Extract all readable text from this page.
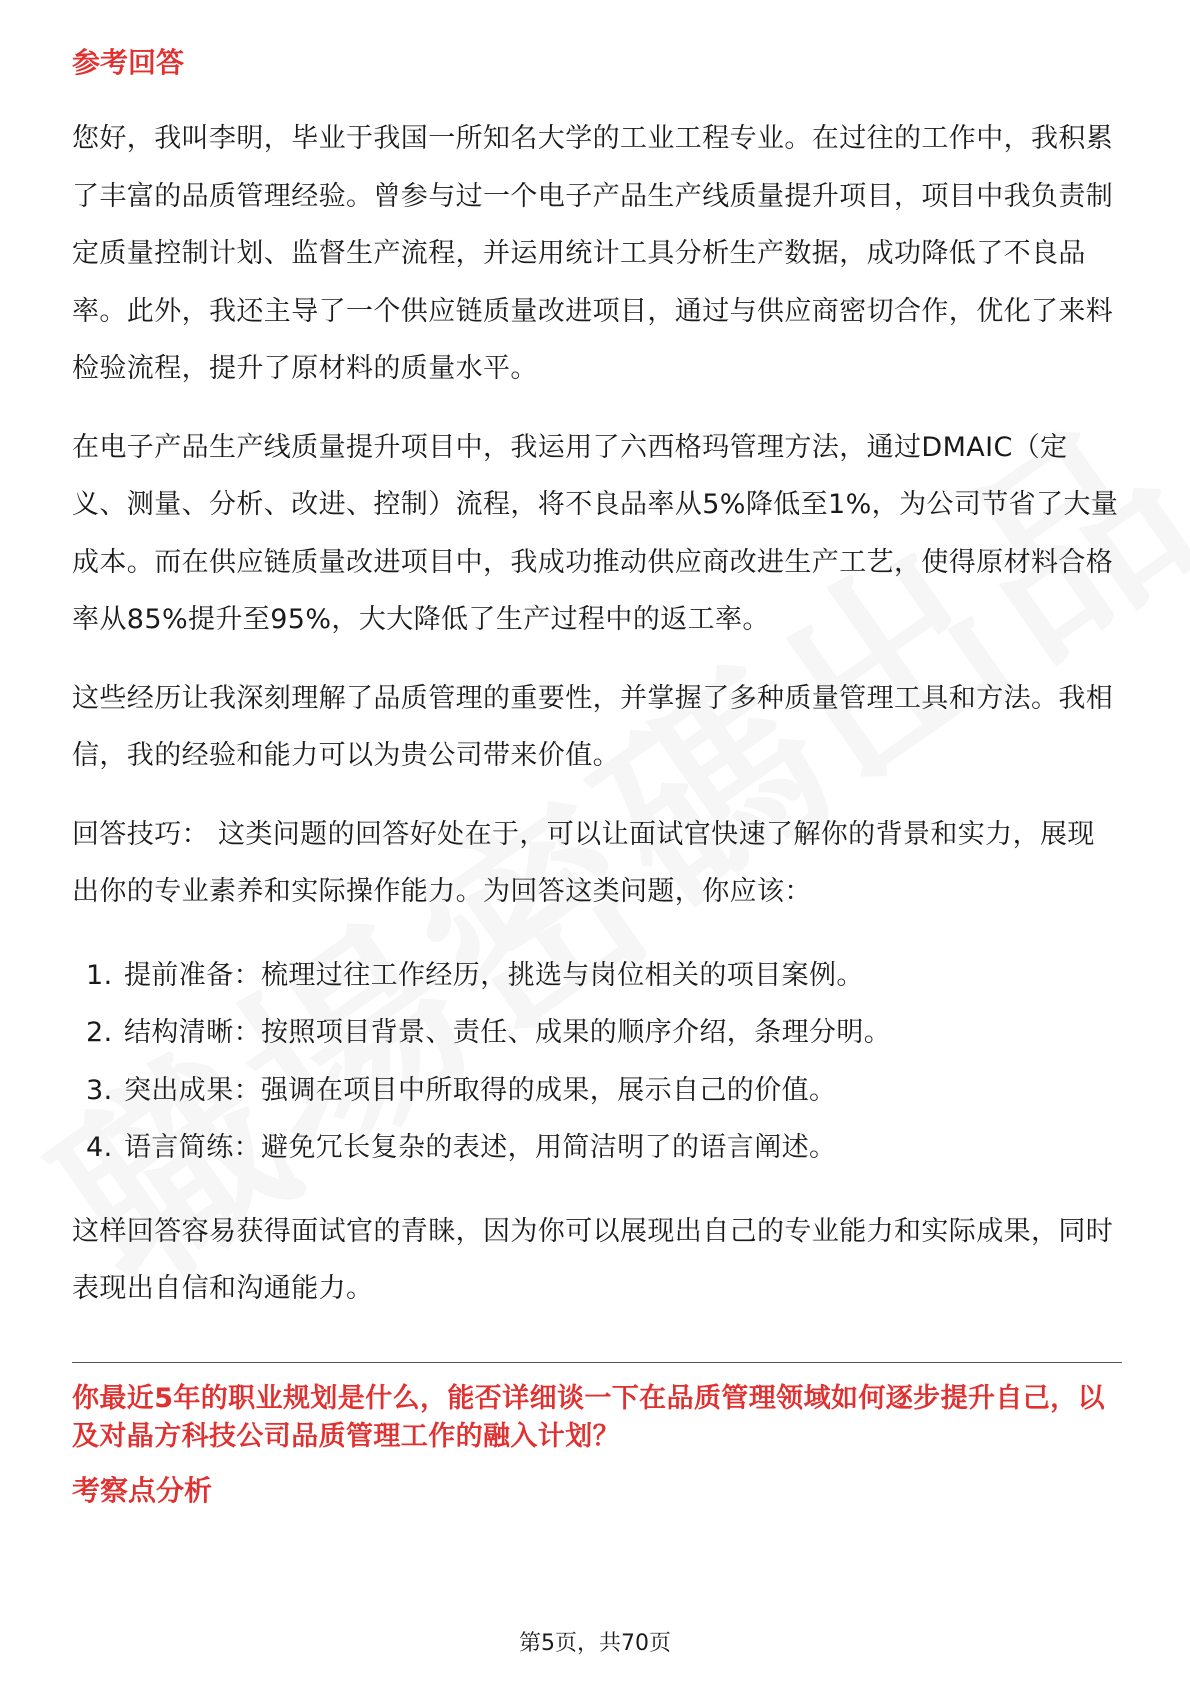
参考回答

您好，我叫李明，毕业于我国一所知名大学的工业工程专业。在过往的工作中，我积累了丰富的品质管理经验。曾参与过一个电子产品生产线质量提升项目，项目中我负责制定质量控制计划、监督生产流程，并运用统计工具分析生产数据，成功降低了不良品率。此外，我还主导了一个供应链质量改进项目，通过与供应商密切合作，优化了来料检验流程，提升了原材料的质量水平。

在电子产品生产线质量提升项目中，我运用了六西格玛管理方法，通过DMAIC（定义、测量、分析、改进、控制）流程，将不良品率从5%降低至1%，为公司节省了大量成本。而在供应链质量改进项目中，我成功推动供应商改进生产工艺，使得原材料合格率从85%提升至95%，大大降低了生产过程中的返工率。

这些经历让我深刻理解了品质管理的重要性，并掌握了多种质量管理工具和方法。我相信，我的经验和能力可以为贵公司带来价值。

回答技巧： 这类问题的回答好处在于，可以让面试官快速了解你的背景和实力，展现出你的专业素养和实际操作能力。为回答这类问题，你应该：

1. 提前准备：梳理过往工作经历，挑选与岗位相关的项目案例。
2. 结构清晰：按照项目背景、责任、成果的顺序介绍，条理分明。
3. 突出成果：强调在项目中所取得的成果，展示自己的价值。
4. 语言简练：避免冗长复杂的表述，用简洁明了的语言阐述。

这样回答容易获得面试官的青睐，因为你可以展现出自己的专业能力和实际成果，同时表现出自信和沟通能力。

你最近5年的职业规划是什么，能否详细谈一下在品质管理领域如何逐步提升自己，以及对晶方科技公司品质管理工作的融入计划？

考察点分析
第5页，共70页
